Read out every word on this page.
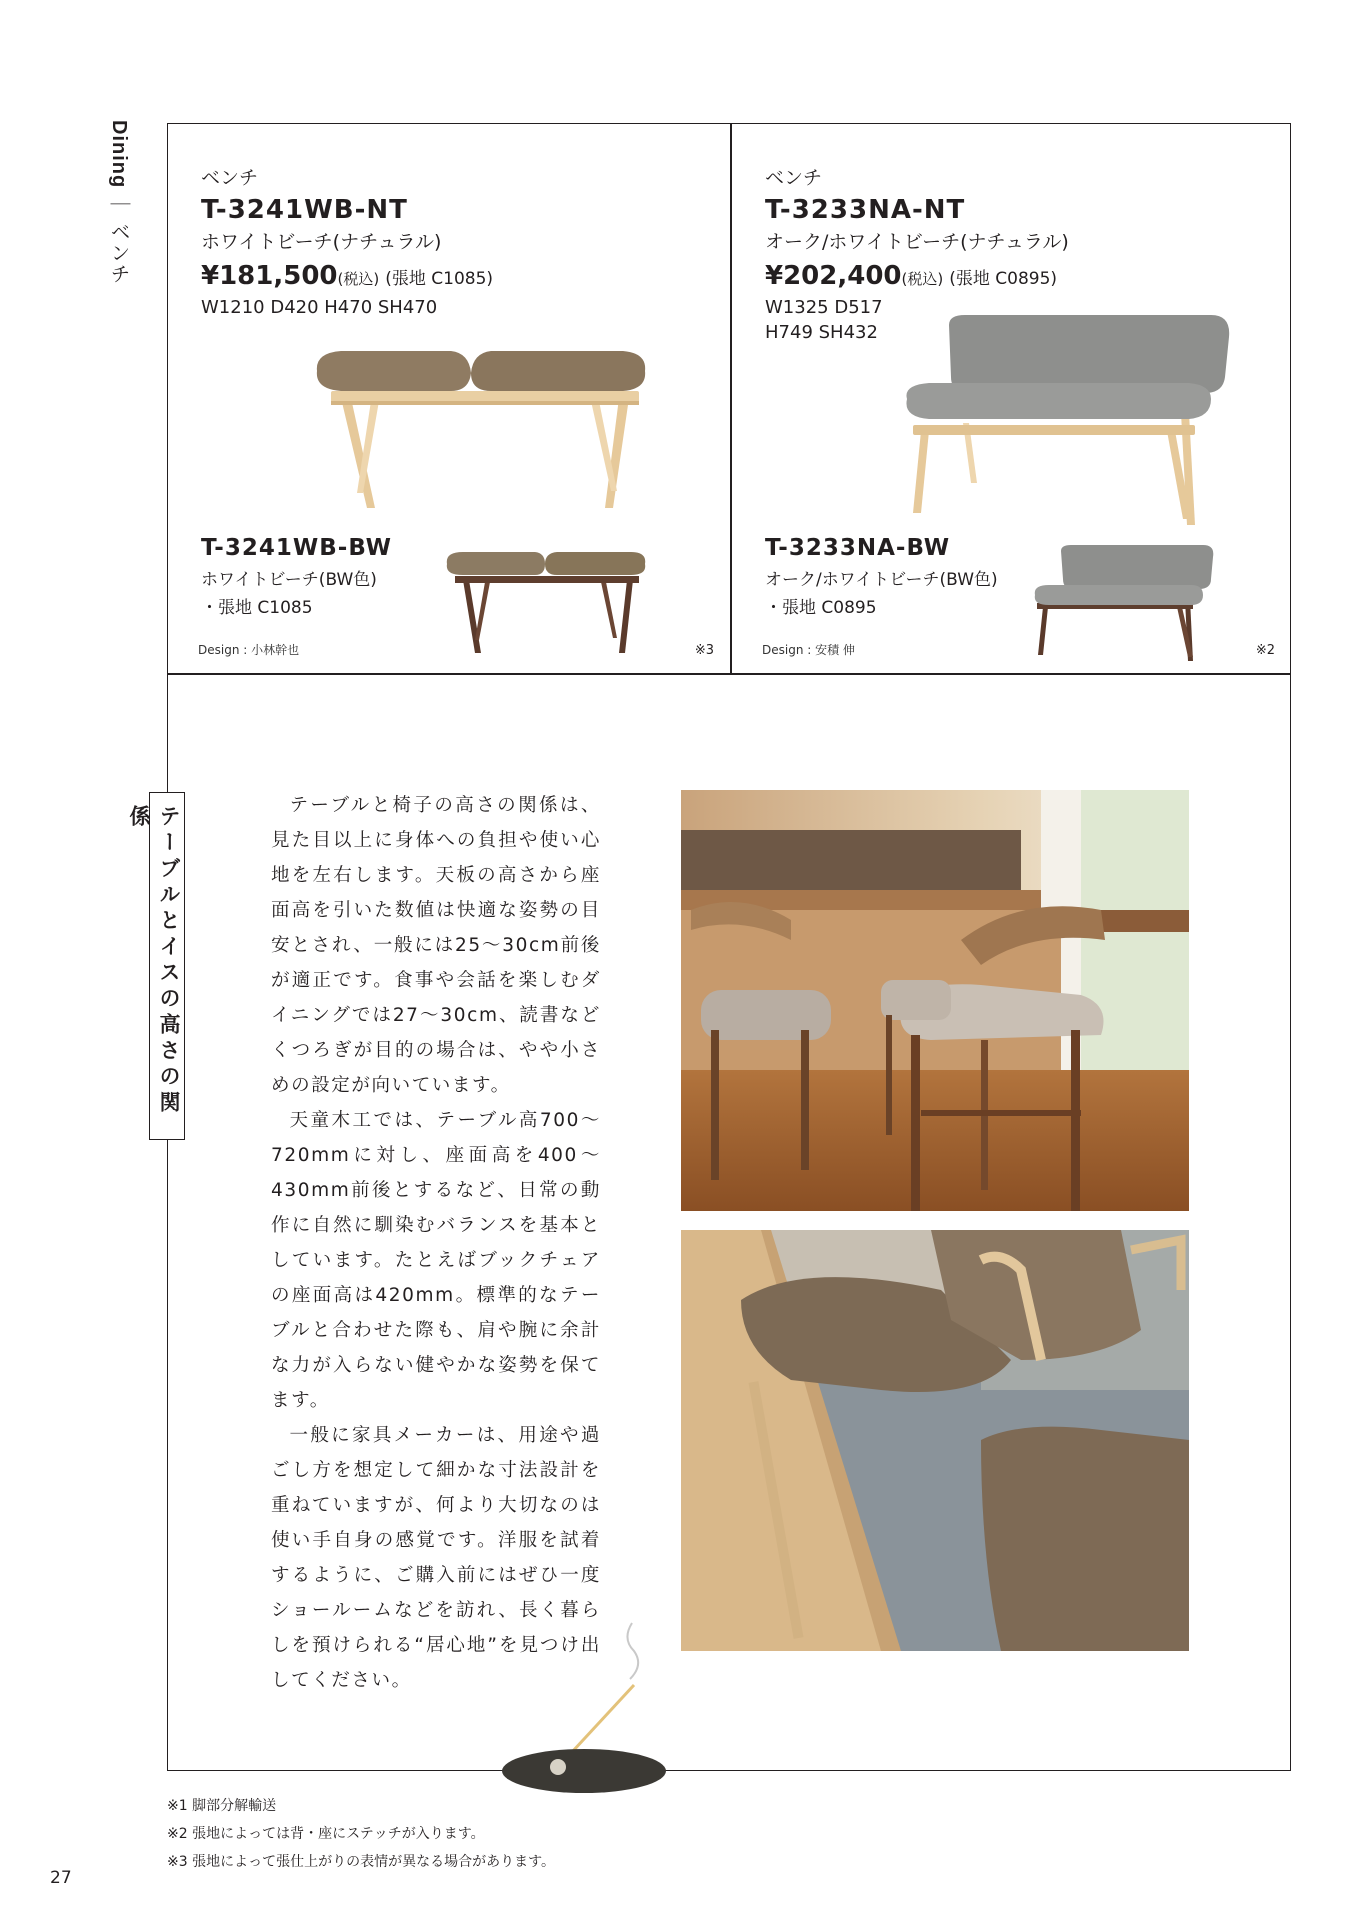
Dining｜ベンチ
ベンチ
T-3241WB-NT
ホワイトビーチ(ナチュラル)
¥181,500(税込) (張地 C1085)
W1210 D420 H470 SH470
T-3241WB-BW
ホワイトビーチ(BW色)
・張地 C1085
Design : 小林幹也	※3
ベンチ
T-3233NA-NT
オーク/ホワイトビーチ(ナチュラル)
¥202,400(税込) (張地 C0895)
W1325 D517
H749 SH432
T-3233NA-BW
オーク/ホワイトビーチ(BW色)
・張地 C0895
Design : 安積 伸	※2
テーブルとイスの高さの関係	テーブルと椅子の高さの関係は、見た目以上に身体への負担や使い心地を左右します。天板の高さから座面高を引いた数値は快適な姿勢の目安とされ、一般には25〜30cm前後が適正です。食事や会話を楽しむダイニングでは27〜30cm、読書などくつろぎが目的の場合は、やや小さめの設定が向いています。

天童木工では、テーブル高700〜720mmに対し、座面高を400〜430mm前後とするなど、日常の動作に自然に馴染むバランスを基本としています。たとえばブックチェアの座面高は420mm。標準的なテーブルと合わせた際も、肩や腕に余計な力が入らない健やかな姿勢を保てます。

一般に家具メーカーは、用途や過ごし方を想定して細かな寸法設計を重ねていますが、何より大切なのは使い手自身の感覚です。洋服を試着するように、ご購入前にはぜひ一度ショールームなどを訪れ、長く暮らしを預けられる“居心地”を見つけ出してください。

※1 脚部分解輸送
※2 張地によっては背・座にステッチが入ります。
※3 張地によって張仕上がりの表情が異なる場合があります。
27
